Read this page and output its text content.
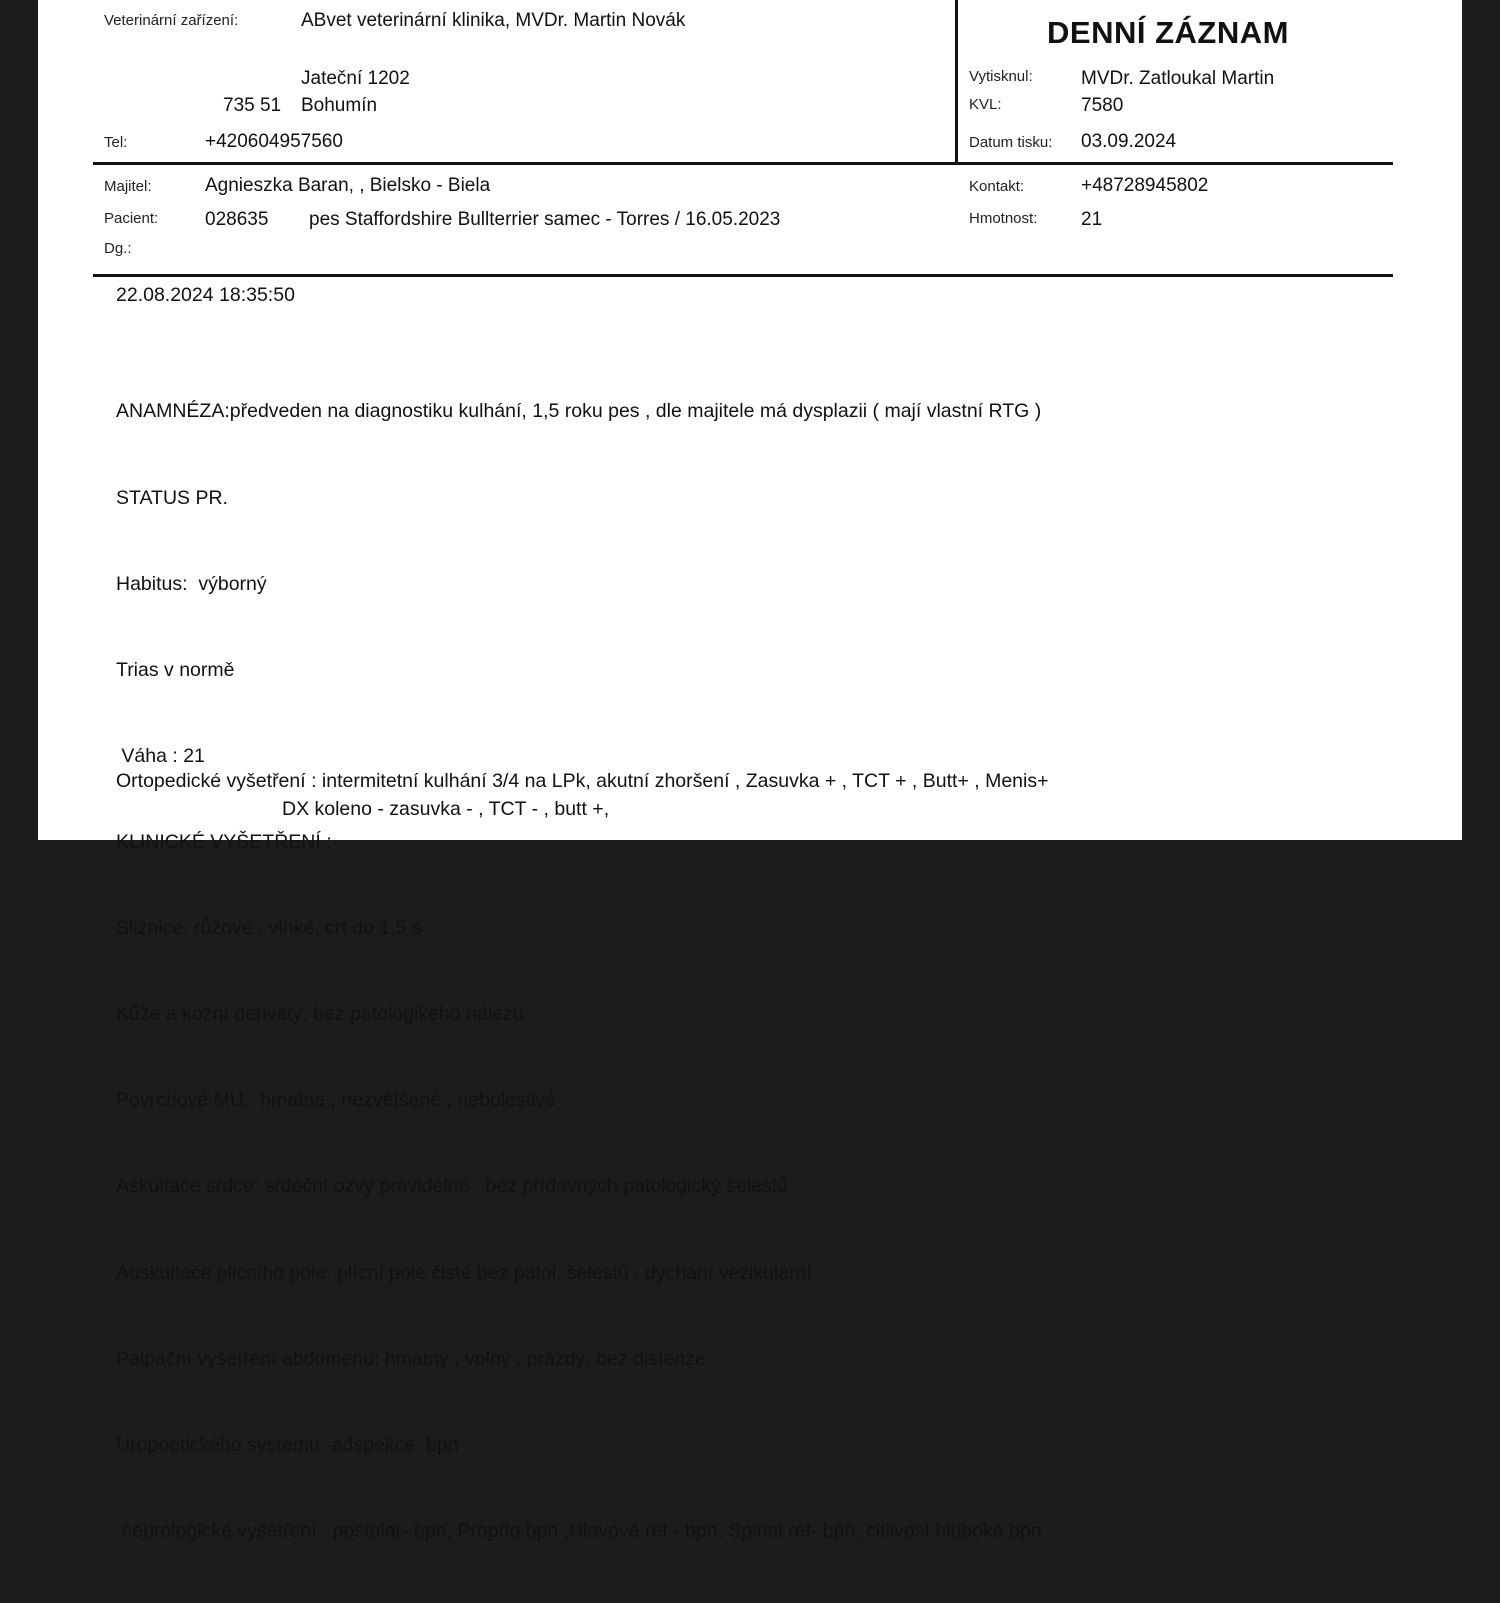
Veterinární zařízení:	ABvet veterinární klinika, MVDr. Martin Novák
Jateční 1202
735 51 Bohumín
Tel:	+420604957560
DENNÍ ZÁZNAM
Vytisknul:	MVDr. Zatloukal Martin
KVL:	7580
Datum tisku: 03.09.2024
Majitel:	Agnieszka Baran, , Bielsko - Biela	Kontakt:	+48728945802
Pacient: 028635 pes Staffordshire Bullterrier samec - Torres / 16.05.2023	Hmotnost: 21
Dg.:
22.08.2024 18:35:50

ANAMNÉZA:předveden na diagnostiku kulhání, 1,5 roku pes , dle majitele má dysplazii ( mají vlastní RTG )

STATUS PR.

Habitus:  výborný

Trias v normě

Váha : 21

KLINICKÉ VYŠETŘENÍ :

Sliznice: růžové , vlhké, crt do 1,5 s

Kůže a kožní deriváty: bez patologikého nálezu

Povrchové MU:  hmatné , nezvětšené , nebolestivé

Askultace srdce: srdeční ozvy pravidelné , bez přídavných patologický šelestů

Auskultace plicního pole: plícní pole čisté bez patol. šelestů , dýchání vezikulární

Palpační vyšetření abdomenu: hmatný , volný , prázdý, bez distenze

Uropoetického systému -adspekce: bpn

neurologické vyšetření : postular- bpn, Proprio bpn ,Hlavové ref.- bpn, Spinal ref- bpn, citlivost hluboká bpn

Ortopedické vyšetření : intermitetní kulhání 3/4 na LPk, akutní zhoršení , Zasuvka + , TCT + , Butt+ , Menis+
DX koleno - zasuvka - , TCT - , butt +,
